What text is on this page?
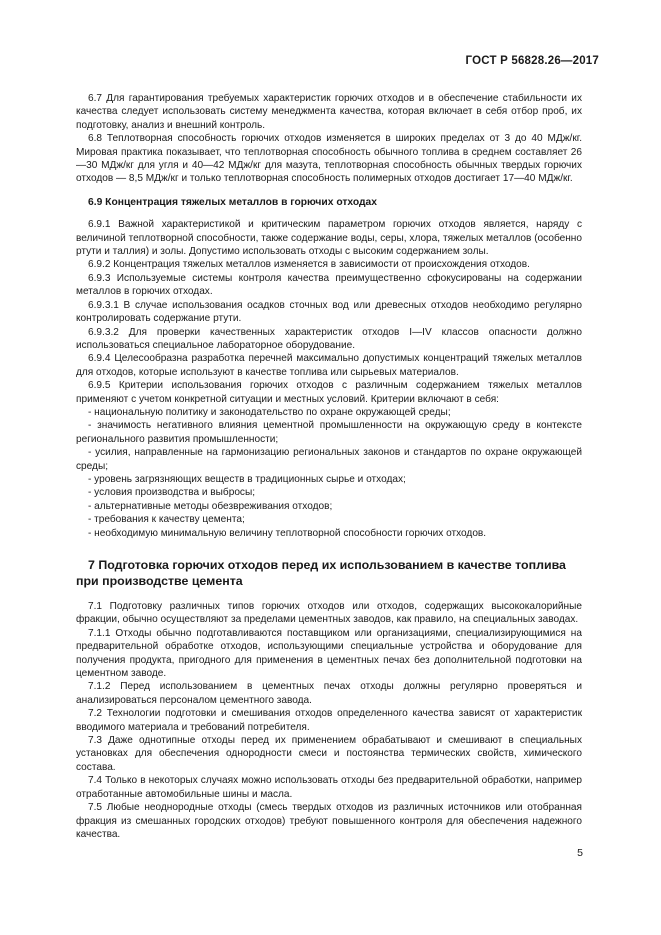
ГОСТ Р 56828.26—2017

6.7 Для гарантирования требуемых характеристик горючих отходов и в обеспечение стабильности их качества следует использовать систему менеджмента качества, которая включает в себя отбор проб, их подготовку, анализ и внешний контроль.

6.8 Теплотворная способность горючих отходов изменяется в широких пределах от 3 до 40 МДж/кг. Мировая практика показывает, что теплотворная способность обычного топлива в среднем составляет 26—30 МДж/кг для угля и 40—42 МДж/кг для мазута, теплотворная способность обычных твердых горючих отходов — 8,5 МДж/кг и только теплотворная способность полимерных отходов достигает 17—40 МДж/кг.

6.9 Концентрация тяжелых металлов в горючих отходах

6.9.1 Важной характеристикой и критическим параметром горючих отходов является, наряду с величиной теплотворной способности, также содержание воды, серы, хлора, тяжелых металлов (особенно ртути и таллия) и золы. Допустимо использовать отходы с высоким содержанием золы.

6.9.2 Концентрация тяжелых металлов изменяется в зависимости от происхождения отходов.

6.9.3 Используемые системы контроля качества преимущественно сфокусированы на содержании металлов в горючих отходах.

6.9.3.1 В случае использования осадков сточных вод или древесных отходов необходимо регулярно контролировать содержание ртути.

6.9.3.2 Для проверки качественных характеристик отходов I—IV классов опасности должно использоваться специальное лабораторное оборудование.

6.9.4 Целесообразна разработка перечней максимально допустимых концентраций тяжелых металлов для отходов, которые используют в качестве топлива или сырьевых материалов.

6.9.5 Критерии использования горючих отходов с различным содержанием тяжелых металлов применяют с учетом конкретной ситуации и местных условий. Критерии включают в себя:

- национальную политику и законодательство по охране окружающей среды;

- значимость негативного влияния цементной промышленности на окружающую среду в контексте регионального развития промышленности;

- усилия, направленные на гармонизацию региональных законов и стандартов по охране окружающей среды;

- уровень загрязняющих веществ в традиционных сырье и отходах;

- условия производства и выбросы;

- альтернативные методы обезвреживания отходов;

- требования к качеству цемента;

- необходимую минимальную величину теплотворной способности горючих отходов.

7 Подготовка горючих отходов перед их использованием в качестве топлива при производстве цемента

7.1 Подготовку различных типов горючих отходов или отходов, содержащих высококалорийные фракции, обычно осуществляют за пределами цементных заводов, как правило, на специальных заводах.

7.1.1 Отходы обычно подготавливаются поставщиком или организациями, специализирующимися на предварительной обработке отходов, использующими специальные устройства и оборудование для получения продукта, пригодного для применения в цементных печах без дополнительной подготовки на цементном заводе.

7.1.2 Перед использованием в цементных печах отходы должны регулярно проверяться и анализироваться персоналом цементного завода.

7.2 Технологии подготовки и смешивания отходов определенного качества зависят от характеристик вводимого материала и требований потребителя.

7.3 Даже однотипные отходы перед их применением обрабатывают и смешивают в специальных установках для обеспечения однородности смеси и постоянства термических свойств, химического состава.

7.4 Только в некоторых случаях можно использовать отходы без предварительной обработки, например отработанные автомобильные шины и масла.

7.5 Любые неоднородные отходы (смесь твердых отходов из различных источников или отобранная фракция из смешанных городских отходов) требуют повышенного контроля для обеспечения надежного качества.

5
